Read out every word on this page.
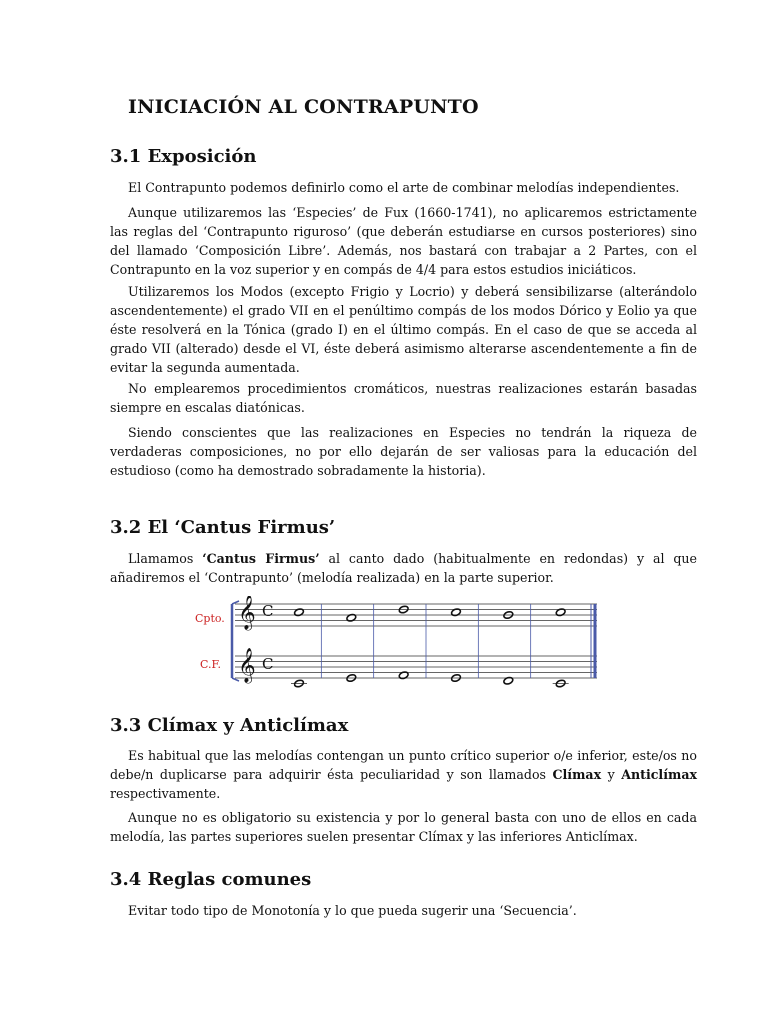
INICIACIÓN AL CONTRAPUNTO
3.1 Exposición

El Contrapunto podemos definirlo como el arte de combinar melodías independientes.

Aunque utilizaremos las ‘Especies’ de Fux (1660-1741), no aplicaremos estrictamente las reglas del ‘Contrapunto riguroso’ (que deberán estudiarse en cursos posteriores) sino del llamado ‘Composición Libre’. Además, nos bastará con trabajar a 2 Partes, con el Contrapunto en la voz superior y en compás de 4/4 para estos estudios iniciáticos.

Utilizaremos los Modos (excepto Frigio y Locrio) y deberá sensibilizarse (alterándolo ascendentemente) el grado VII en el penúltimo compás de los modos Dórico y Eolio ya que éste resolverá en la Tónica (grado I) en el último compás. En el caso de que se acceda al grado VII (alterado) desde el VI, éste deberá asimismo alterarse ascendentemente a fin de evitar la segunda aumentada.

No emplearemos procedimientos cromáticos, nuestras realizaciones estarán basadas siempre en escalas diatónicas.

Siendo conscientes que las realizaciones en Especies no tendrán la riqueza de verdaderas composiciones, no por ello dejarán de ser valiosas para la educación del estudioso (como ha demostrado sobradamente la historia).

3.2 El ‘Cantus Firmus’

Llamamos ‘Cantus Firmus’ al canto dado (habitualmente en redondas) y al que añadiremos el ‘Contrapunto’ (melodía realizada) en la parte superior.

Cpto.
C.F.
𝄞
𝄞
C
C
3.3 Clímax y Anticlímax

Es habitual que las melodías contengan un punto crítico superior o/e inferior, este/os no debe/n duplicarse para adquirir ésta peculiaridad y son llamados Clímax y Anticlímax respectivamente.

Aunque no es obligatorio su existencia y por lo general basta con uno de ellos en cada melodía, las partes superiores suelen presentar Clímax y las inferiores Anticlímax.

3.4 Reglas comunes

Evitar todo tipo de Monotonía y lo que pueda sugerir una ‘Secuencia’.
